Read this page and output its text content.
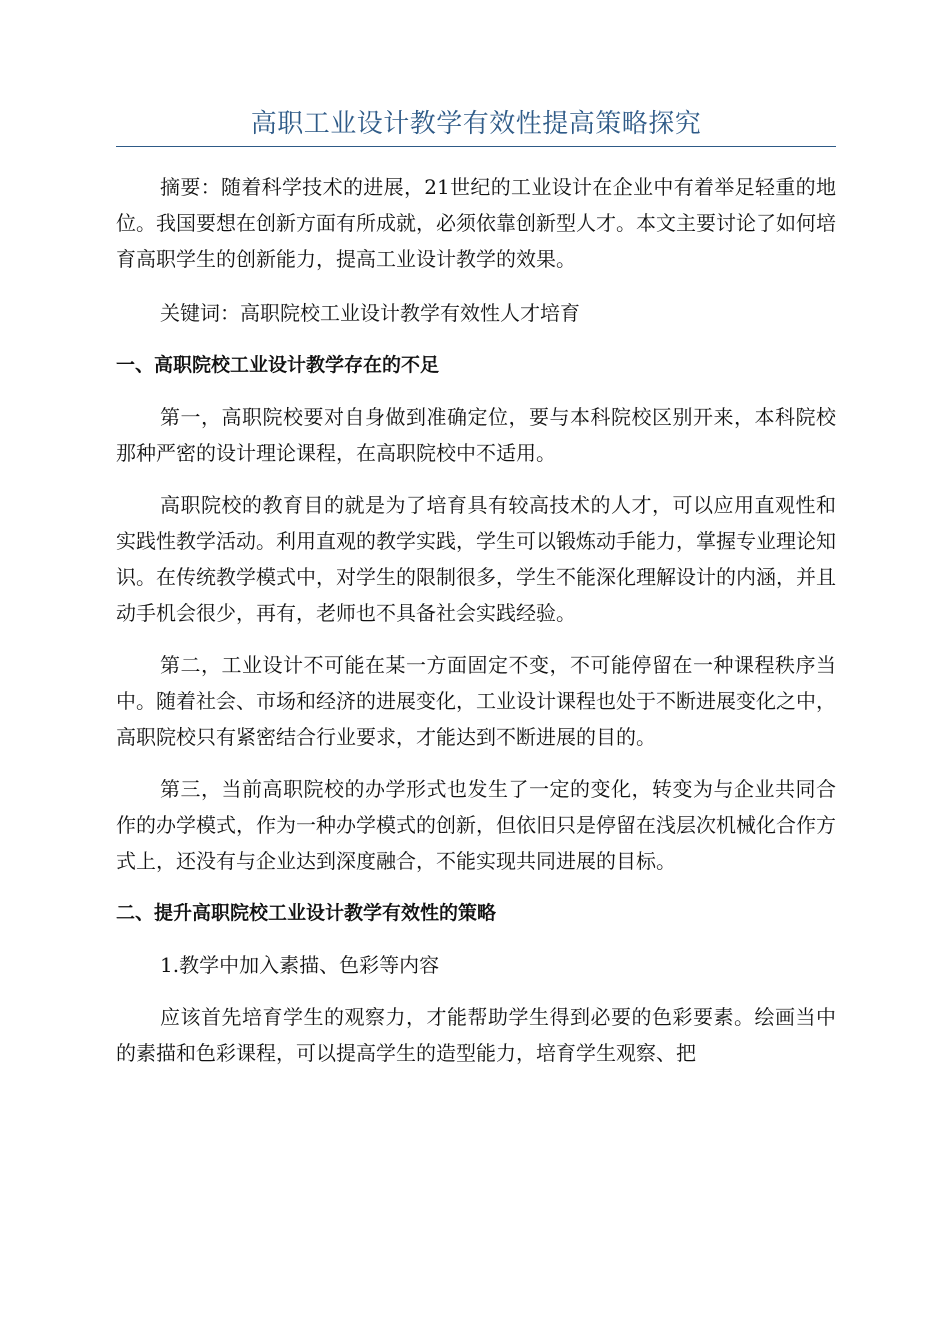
高职工业设计教学有效性提高策略探究

摘要：随着科学技术的进展，21世纪的工业设计在企业中有着举足轻重的地位。我国要想在创新方面有所成就，必须依靠创新型人才。本文主要讨论了如何培育高职学生的创新能力，提高工业设计教学的效果。

关键词：高职院校工业设计教学有效性人才培育

一、高职院校工业设计教学存在的不足

第一，高职院校要对自身做到准确定位，要与本科院校区别开来，本科院校那种严密的设计理论课程，在高职院校中不适用。

高职院校的教育目的就是为了培育具有较高技术的人才，可以应用直观性和实践性教学活动。利用直观的教学实践，学生可以锻炼动手能力，掌握专业理论知识。在传统教学模式中，对学生的限制很多，学生不能深化理解设计的内涵，并且动手机会很少，再有，老师也不具备社会实践经验。

第二，工业设计不可能在某一方面固定不变，不可能停留在一种课程秩序当中。随着社会、市场和经济的进展变化，工业设计课程也处于不断进展变化之中，高职院校只有紧密结合行业要求，才能达到不断进展的目的。

第三，当前高职院校的办学形式也发生了一定的变化，转变为与企业共同合作的办学模式，作为一种办学模式的创新，但依旧只是停留在浅层次机械化合作方式上，还没有与企业达到深度融合，不能实现共同进展的目标。

二、提升高职院校工业设计教学有效性的策略

1.教学中加入素描、色彩等内容

应该首先培育学生的观察力，才能帮助学生得到必要的色彩要素。绘画当中的素描和色彩课程，可以提高学生的造型能力，培育学生观察、把
